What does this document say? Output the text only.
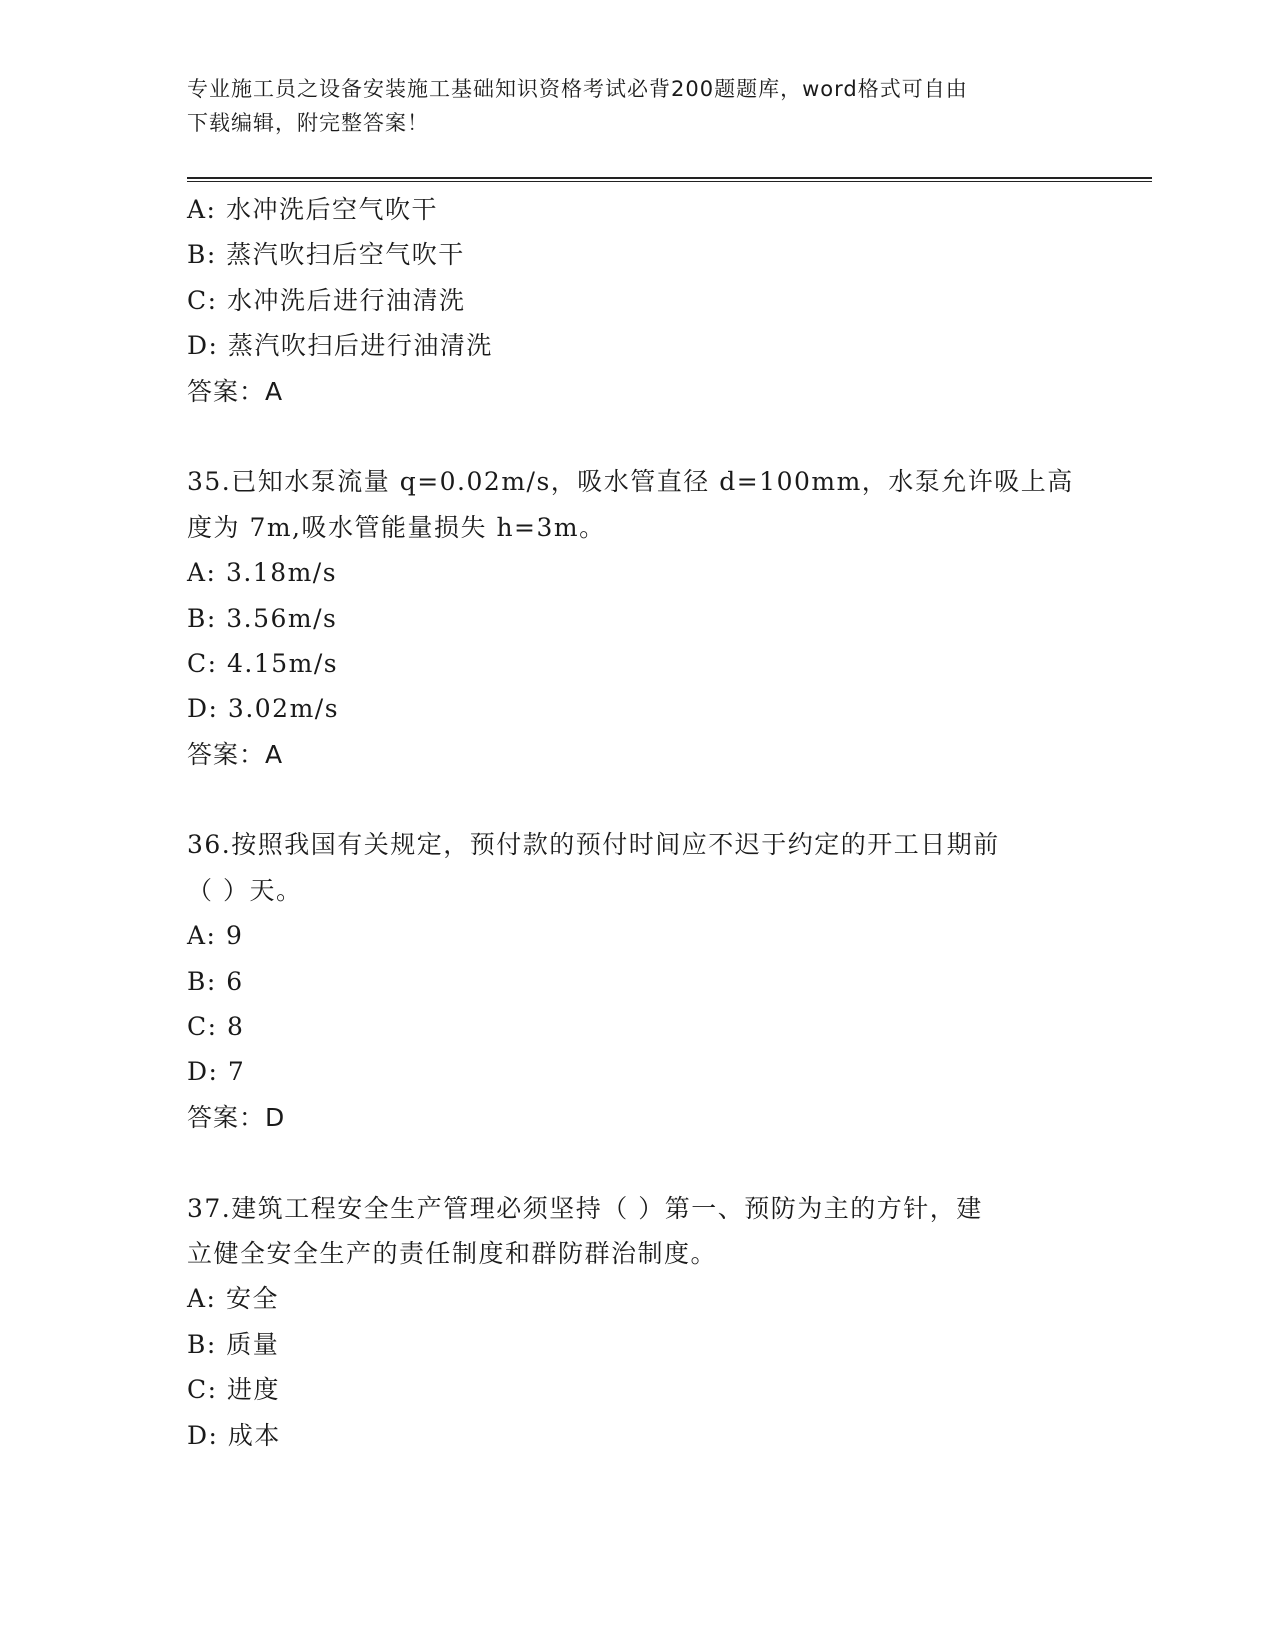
专业施工员之设备安装施工基础知识资格考试必背200题题库，word格式可自由
下载编辑，附完整答案！
A: 水冲洗后空气吹干
B: 蒸汽吹扫后空气吹干
C: 水冲洗后进行油清洗
D: 蒸汽吹扫后进行油清洗
答案：A
35.已知水泵流量 q=0.02m/s，吸水管直径 d=100mm，水泵允许吸上高
度为 7m,吸水管能量损失 h=3m。
A: 3.18m/s
B: 3.56m/s
C: 4.15m/s
D: 3.02m/s
答案：A
36.按照我国有关规定，预付款的预付时间应不迟于约定的开工日期前
（ ）天。
A: 9
B: 6
C: 8
D: 7
答案：D
37.建筑工程安全生产管理必须坚持（ ）第一、预防为主的方针，建
立健全安全生产的责任制度和群防群治制度。
A: 安全
B: 质量
C: 进度
D: 成本
